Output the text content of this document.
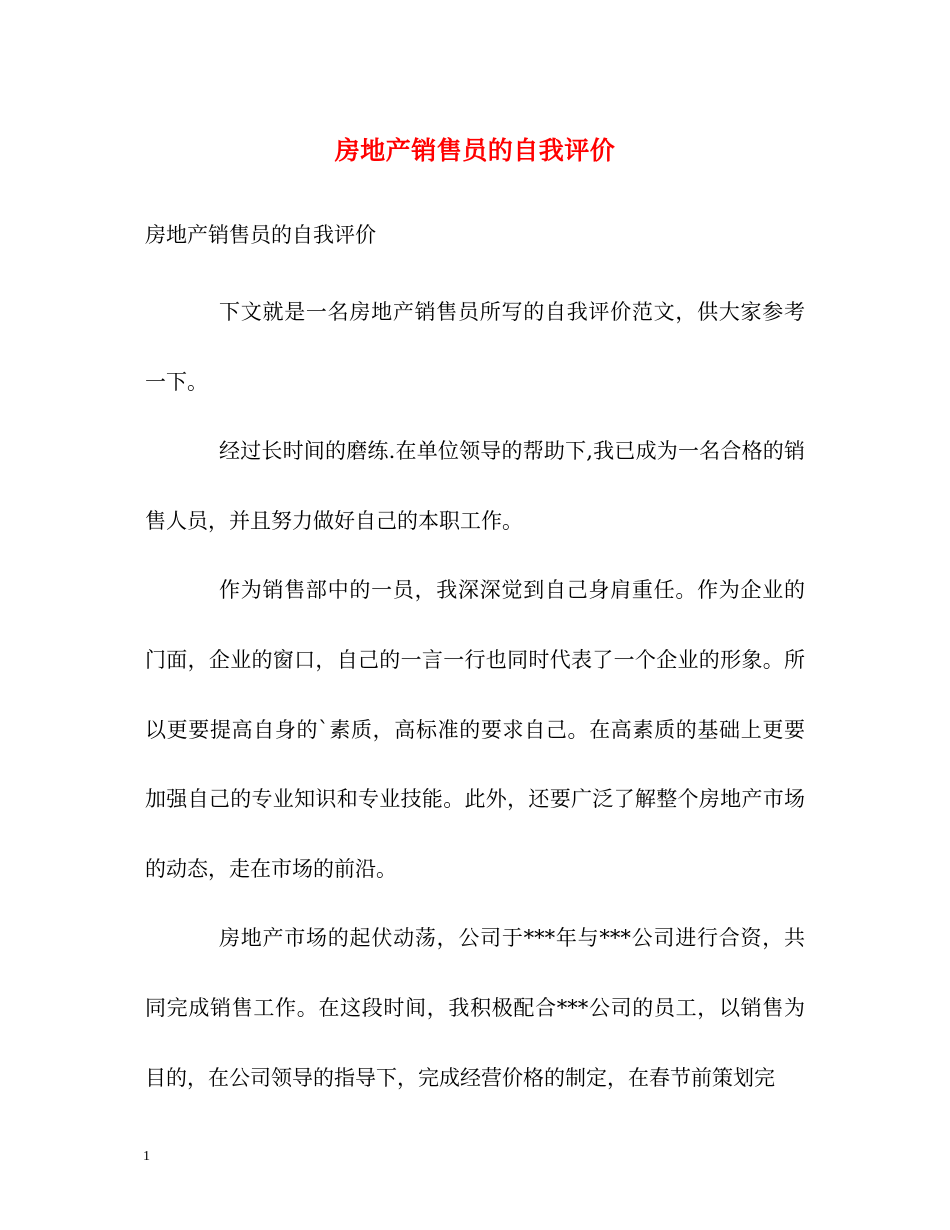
房地产销售员的自我评价
房地产销售员的自我评价

下文就是一名房地产销售员所写的自我评价范文，供大家参考一下。

经过长时间的磨练.在单位领导的帮助下,我已成为一名合格的销售人员，并且努力做好自己的本职工作。

作为销售部中的一员，我深深觉到自己身肩重任。作为企业的门面，企业的窗口，自己的一言一行也同时代表了一个企业的形象。所以更要提高自身的`素质，高标准的要求自己。在高素质的基础上更要加强自己的专业知识和专业技能。此外，还要广泛了解整个房地产市场的动态，走在市场的前沿。

房地产市场的起伏动荡，公司于***年与***公司进行合资，共同完成销售工作。在这段时间，我积极配合***公司的员工，以销售为目的，在公司领导的指导下，完成经营价格的制定，在春节前策划完

1
